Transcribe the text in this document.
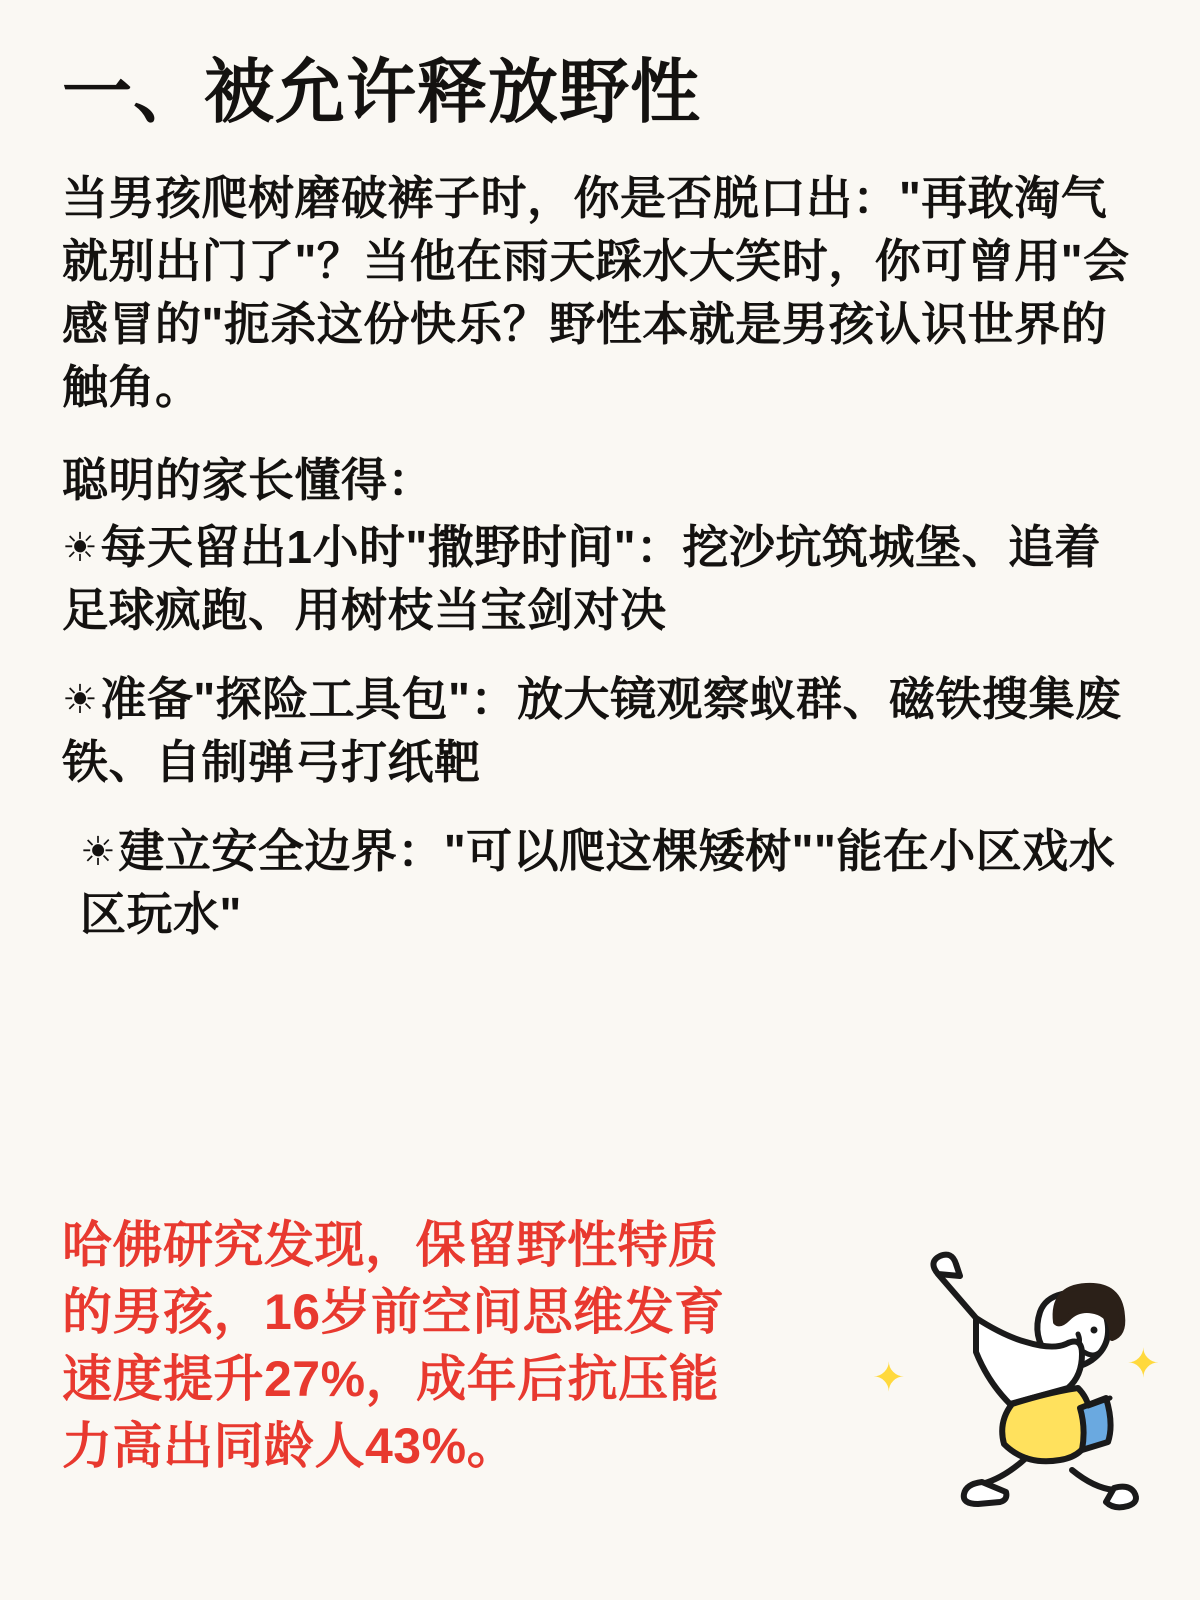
一、被允许释放野性

当男孩爬树磨破裤子时，你是否脱口出："再敢淘气就别出门了"？当他在雨天踩水大笑时，你可曾用"会感冒的"扼杀这份快乐？野性本就是男孩认识世界的触角。

聪明的家长懂得：

☀每天留出1小时"撒野时间"：挖沙坑筑城堡、追着足球疯跑、用树枝当宝剑对决

☀准备"探险工具包"：放大镜观察蚁群、磁铁搜集废铁、自制弹弓打纸靶

☀建立安全边界："可以爬这棵矮树""能在小区戏水区玩水"

哈佛研究发现，保留野性特质的男孩，16岁前空间思维发育速度提升27%，成年后抗压能力高出同龄人43%。
✦	✦
